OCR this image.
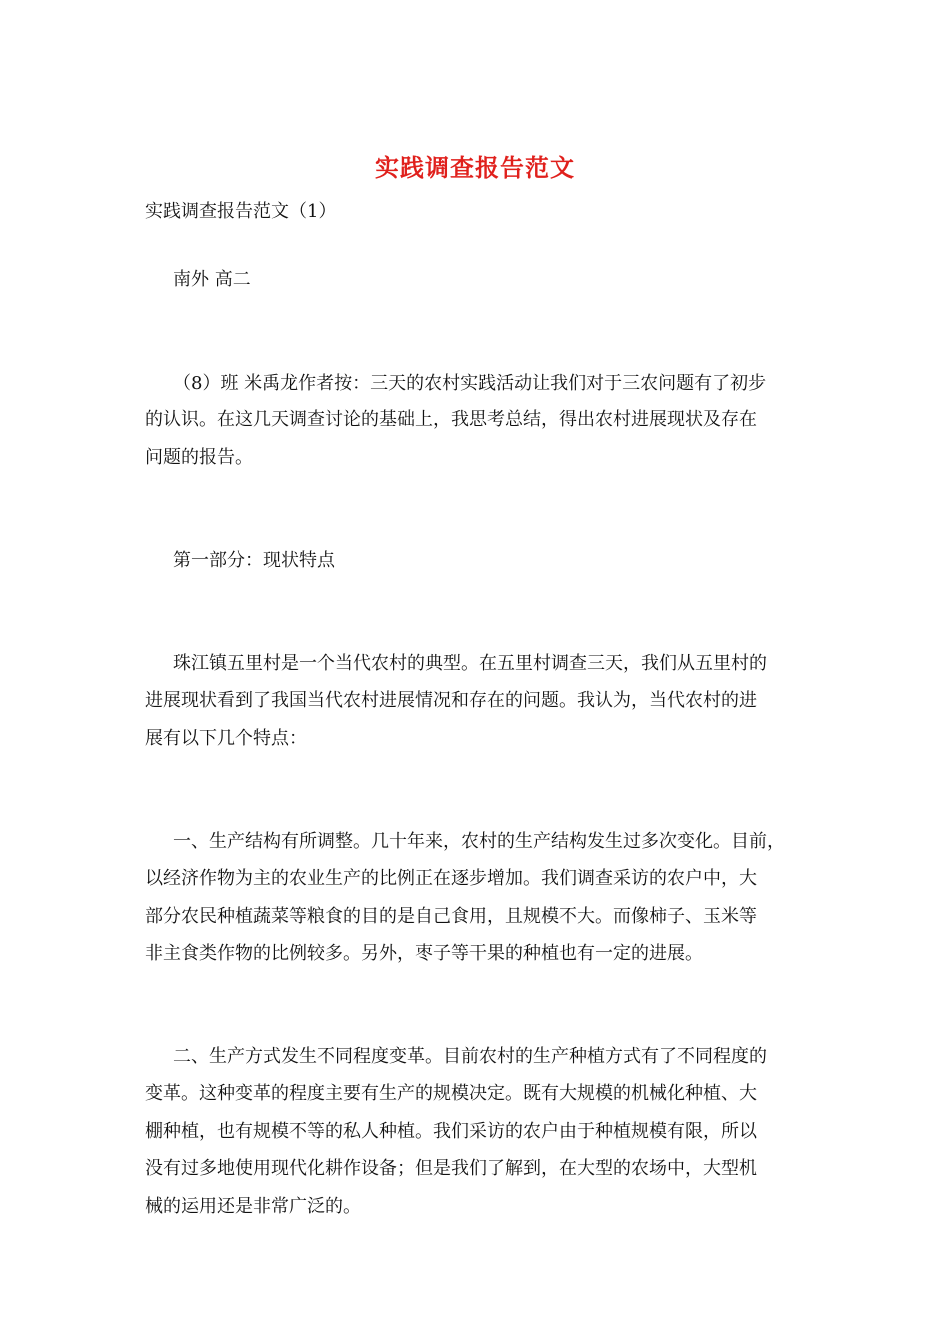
实践调查报告范文
实践调查报告范文（1）
南外 高二
（8）班 米禹龙作者按：三天的农村实践活动让我们对于三农问题有了初步
的认识。在这几天调查讨论的基础上，我思考总结，得出农村进展现状及存在
问题的报告。
第一部分：现状特点
珠江镇五里村是一个当代农村的典型。在五里村调查三天，我们从五里村的
进展现状看到了我国当代农村进展情况和存在的问题。我认为，当代农村的进
展有以下几个特点：
一、生产结构有所调整。几十年来，农村的生产结构发生过多次变化。目前，
以经济作物为主的农业生产的比例正在逐步增加。我们调查采访的农户中，大
部分农民种植蔬菜等粮食的目的是自己食用，且规模不大。而像柿子、玉米等
非主食类作物的比例较多。另外，枣子等干果的种植也有一定的进展。
二、生产方式发生不同程度变革。目前农村的生产种植方式有了不同程度的
变革。这种变革的程度主要有生产的规模决定。既有大规模的机械化种植、大
棚种植，也有规模不等的私人种植。我们采访的农户由于种植规模有限，所以
没有过多地使用现代化耕作设备；但是我们了解到，在大型的农场中，大型机
械的运用还是非常广泛的。
